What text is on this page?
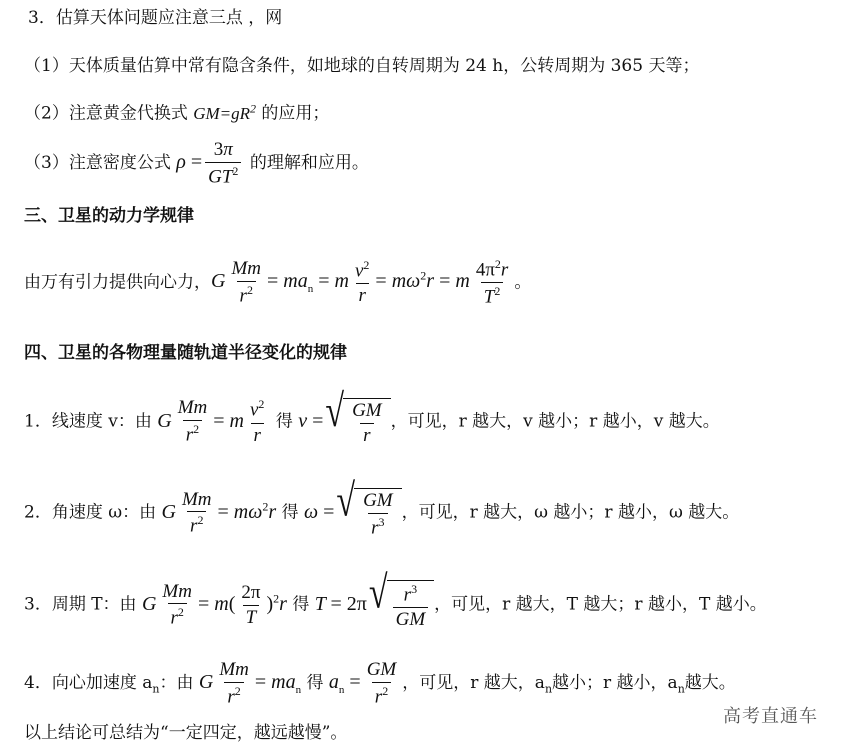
3．估算天体问题应注意三点 ，网
（1）天体质量估算中常有隐含条件，如地球的自转周期为 24 h，公转周期为 365 天等；
（2）注意黄金代换式 $GM=gR^2$ 的应用；
（3）注意密度公式 $\rho = \frac{3\pi}{GT^2}$ 的理解和应用。
三、卫星的动力学规律
由万有引力提供向心力，G $\frac{Mm}{r^2} = ma_n = m \frac{v^2}{r} = m\omega^2r = m \frac{4\pi^2r}{T^2}$ 。
四、卫星的各物理量随轨道半径变化的规律
1．线速度 v：由 G $\frac{Mm}{r^2} = m \frac{v^2}{r}$ 得 v = √ $\frac{GM}{r}$ ，可见，r 越大，v 越小；r 越小，v 越大。
2．角速度 ω：由 G $\frac{Mm}{r^2} = m\omega^2r$ 得 ω = √ $\frac{GM}{r^3}$ ，可见，r 越大，ω 越小；r 越小，ω 越大。
3．周期 T：由 G $\frac{Mm}{r^2} = m( \frac{2\pi}{T} )^2r$ 得 T = 2π √ $\frac{r^3}{GM}$ ，可见，r 越大，T 越大；r 越小，T 越小。
4．向心加速度 $a_n$：由 G $\frac{Mm}{r^2} = ma_n$ 得 $a_n = \frac{GM}{r^2}$ ，可见，r 越大，$a_n$越小；r 越小，$a_n$越大。
以上结论可总结为“一定四定，越远越慢”。
高考直通车
